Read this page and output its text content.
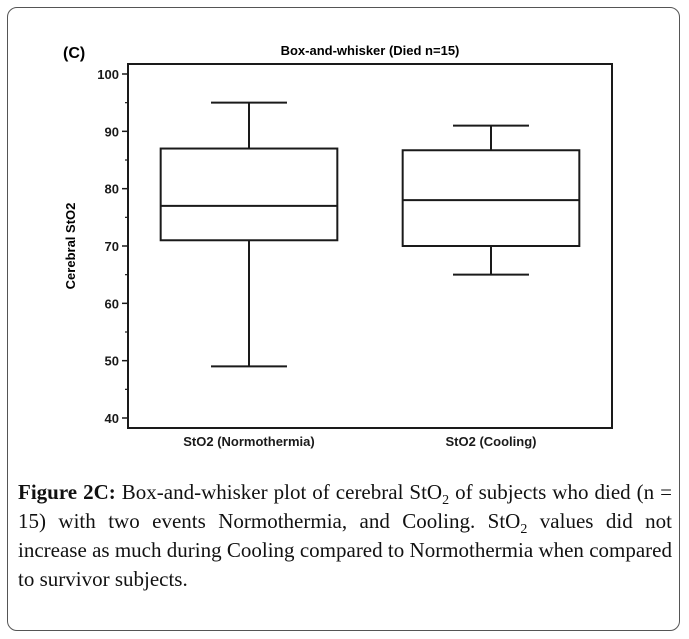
(C)	Box-and-whisker (Died n=15)
Cerebral StO2
40
50
60
70
80
90
100
StO2 (Normothermia)	StO2 (Cooling)

Figure 2C: Box-and-whisker plot of cerebral StO$_2$ of subjects who died (n = 15) with two events Normothermia, and Cooling. StO$_2$ values did not increase as much during Cooling compared to Normothermia when compared to survivor subjects.
